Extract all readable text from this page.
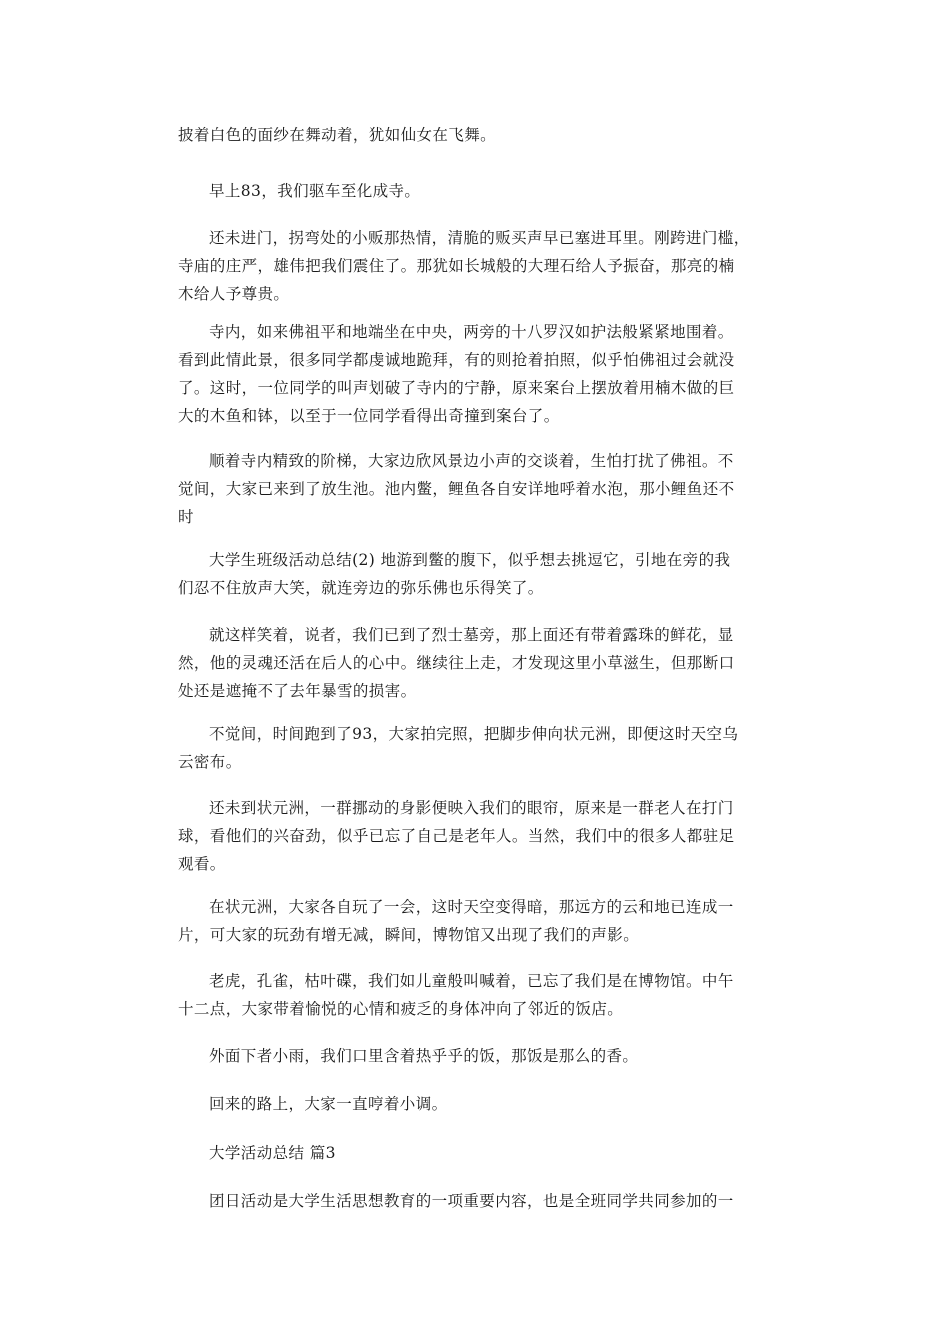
披着白色的面纱在舞动着，犹如仙女在飞舞。

早上83，我们驱车至化成寺。

还未进门，拐弯处的小贩那热情，清脆的贩买声早已塞进耳里。刚跨进门槛，
寺庙的庄严，雄伟把我们震住了。那犹如长城般的大理石给人予振奋，那亮的楠
木给人予尊贵。

寺内，如来佛祖平和地端坐在中央，两旁的十八罗汉如护法般紧紧地围着。
看到此情此景，很多同学都虔诚地跪拜，有的则抢着拍照，似乎怕佛祖过会就没
了。这时，一位同学的叫声划破了寺内的宁静，原来案台上摆放着用楠木做的巨
大的木鱼和钵，以至于一位同学看得出奇撞到案台了。

顺着寺内精致的阶梯，大家边欣风景边小声的交谈着，生怕打扰了佛祖。不
觉间，大家已来到了放生池。池内鳖，鲤鱼各自安详地呼着水泡，那小鲤鱼还不
时

大学生班级活动总结(2) 地游到鳖的腹下，似乎想去挑逗它，引地在旁的我
们忍不住放声大笑，就连旁边的弥乐佛也乐得笑了。

就这样笑着，说者，我们已到了烈士墓旁，那上面还有带着露珠的鲜花，显
然，他的灵魂还活在后人的心中。继续往上走，才发现这里小草滋生，但那断口
处还是遮掩不了去年暴雪的损害。

不觉间，时间跑到了93，大家拍完照，把脚步伸向状元洲，即便这时天空乌
云密布。

还未到状元洲，一群挪动的身影便映入我们的眼帘，原来是一群老人在打门
球，看他们的兴奋劲，似乎已忘了自己是老年人。当然，我们中的很多人都驻足
观看。

在状元洲，大家各自玩了一会，这时天空变得暗，那远方的云和地已连成一
片，可大家的玩劲有增无减，瞬间，博物馆又出现了我们的声影。

老虎，孔雀，枯叶碟，我们如儿童般叫喊着，已忘了我们是在博物馆。中午
十二点，大家带着愉悦的心情和疲乏的身体冲向了邻近的饭店。

外面下者小雨，我们口里含着热乎乎的饭，那饭是那么的香。

回来的路上，大家一直哼着小调。

大学活动总结 篇3

团日活动是大学生活思想教育的一项重要内容，也是全班同学共同参加的一
